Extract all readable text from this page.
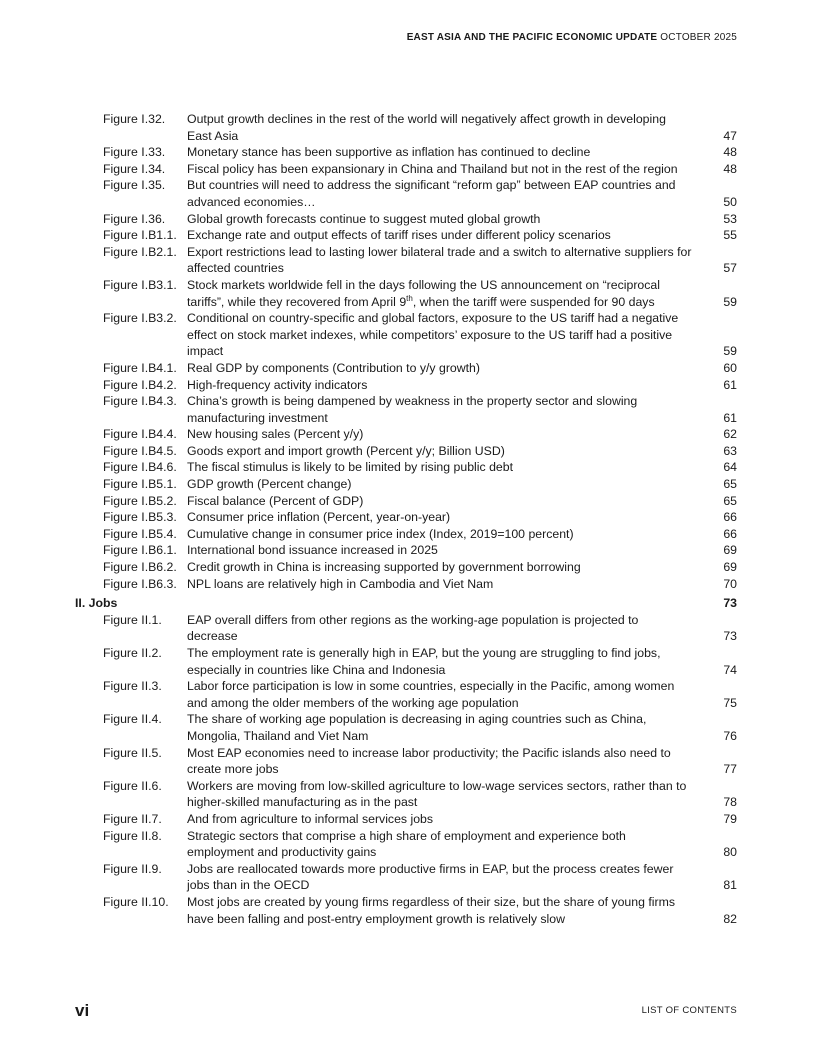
EAST ASIA AND THE PACIFIC ECONOMIC UPDATE OCTOBER 2025
Figure I.32.	Output growth declines in the rest of the world will negatively affect growth in developing East Asia	47
Figure I.33.	Monetary stance has been supportive as inflation has continued to decline	48
Figure I.34.	Fiscal policy has been expansionary in China and Thailand but not in the rest of the region	48
Figure I.35.	But countries will need to address the significant “reform gap” between EAP countries and advanced economies…	50
Figure I.36.	Global growth forecasts continue to suggest muted global growth	53
Figure I.B1.1. Exchange rate and output effects of tariff rises under different policy scenarios	55
Figure I.B2.1. Export restrictions lead to lasting lower bilateral trade and a switch to alternative suppliers for affected countries	57
Figure I.B3.1. Stock markets worldwide fell in the days following the US announcement on “reciprocal tariffs”, while they recovered from April 9th, when the tariff were suspended for 90 days	59
Figure I.B3.2. Conditional on country-specific and global factors, exposure to the US tariff had a negative effect on stock market indexes, while competitors’ exposure to the US tariff had a positive impact	59
Figure I.B4.1. Real GDP by components (Contribution to y/y growth)	60
Figure I.B4.2. High-frequency activity indicators	61
Figure I.B4.3. China’s growth is being dampened by weakness in the property sector and slowing manufacturing investment	61
Figure I.B4.4. New housing sales (Percent y/y)	62
Figure I.B4.5. Goods export and import growth (Percent y/y; Billion USD)	63
Figure I.B4.6. The fiscal stimulus is likely to be limited by rising public debt	64
Figure I.B5.1. GDP growth (Percent change)	65
Figure I.B5.2. Fiscal balance (Percent of GDP)	65
Figure I.B5.3. Consumer price inflation (Percent, year-on-year)	66
Figure I.B5.4. Cumulative change in consumer price index (Index, 2019=100 percent)	66
Figure I.B6.1. International bond issuance increased in 2025	69
Figure I.B6.2. Credit growth in China is increasing supported by government borrowing	69
Figure I.B6.3. NPL loans are relatively high in Cambodia and Viet Nam	70
II. Jobs	73
Figure II.1.	EAP overall differs from other regions as the working-age population is projected to decrease	73
Figure II.2.	The employment rate is generally high in EAP, but the young are struggling to find jobs, especially in countries like China and Indonesia	74
Figure II.3.	Labor force participation is low in some countries, especially in the Pacific, among women and among the older members of the working age population	75
Figure II.4.	The share of working age population is decreasing in aging countries such as China, Mongolia, Thailand and Viet Nam	76
Figure II.5.	Most EAP economies need to increase labor productivity; the Pacific islands also need to create more jobs	77
Figure II.6.	Workers are moving from low-skilled agriculture to low-wage services sectors, rather than to higher-skilled manufacturing as in the past	78
Figure II.7.	And from agriculture to informal services jobs	79
Figure II.8.	Strategic sectors that comprise a high share of employment and experience both employment and productivity gains	80
Figure II.9.	Jobs are reallocated towards more productive firms in EAP, but the process creates fewer jobs than in the OECD	81
Figure II.10.	Most jobs are created by young firms regardless of their size, but the share of young firms have been falling and post-entry employment growth is relatively slow	82
vi	LIST OF CONTENTS
